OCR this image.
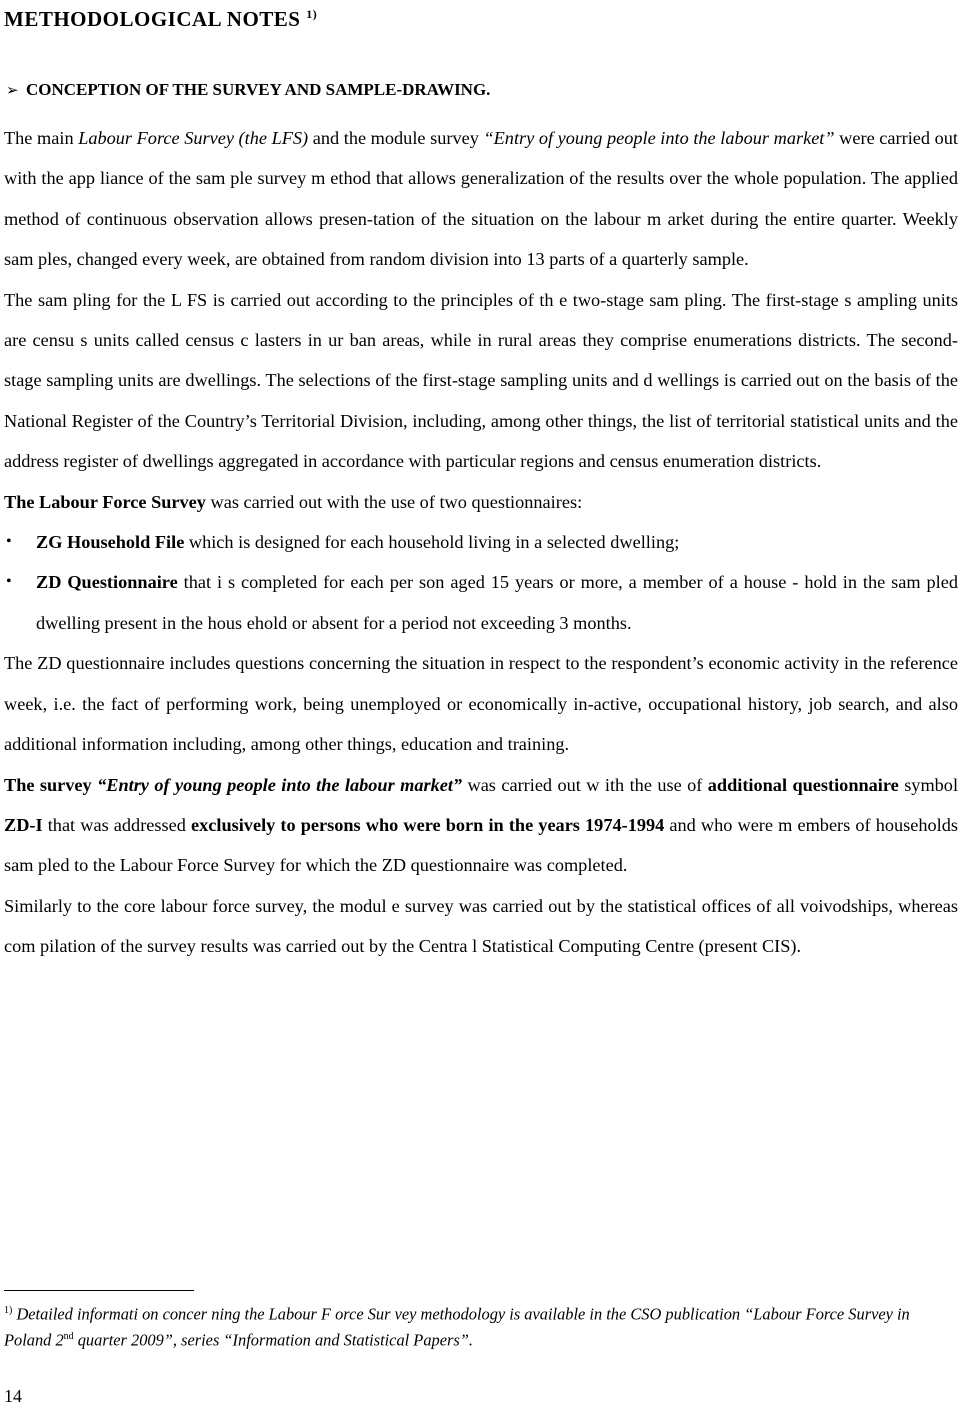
METHODOLOGICAL NOTES $^{1)}$
➢ CONCEPTION OF THE SURVEY AND SAMPLE-DRAWING.

The main Labour Force Survey (the LFS) and the module survey “Entry of young people into the labour market” were carried out with the app liance of the sam ple survey m ethod that allows generalization of the results over the whole population. The applied method of continuous observation allows presen-tation of the situation on the labour m arket during the entire quarter. Weekly sam ples, changed every week, are obtained from random division into 13 parts of a quarterly sample.

The sam pling for the L FS is carried out according to the principles of th e two-stage sam pling. The first-stage s ampling units are censu s units called census c lasters in ur ban areas, while in rural areas they comprise enumerations districts. The second-stage sampling units are dwellings. The selections of the first-stage sampling units and d wellings is carried out on the basis of the National Register of the Country’s Territorial Division, including, among other things, the list of territorial statistical units and the address register of dwellings aggregated in accordance with particular regions and census enumeration districts.

The Labour Force Survey was carried out with the use of two questionnaires:

•	ZG Household File which is designed for each household living in a selected dwelling;
•	ZD Questionnaire that i s completed for each per son aged 15 years or more, a member of a house - hold in the sam pled dwelling present in the hous ehold or absent for a period not exceeding 3 months.

The ZD questionnaire includes questions concerning the situation in respect to the respondent’s economic activity in the reference week, i.e. the fact of performing work, being unemployed or economically in-active, occupational history, job search, and also additional information including, among other things, education and training.

The survey “Entry of young people into the labour market” was carried out w ith the use of additional questionnaire symbol ZD-I that was addressed exclusively to persons who were born in the years 1974-1994 and who were m embers of households sam pled to the Labour Force Survey for which the ZD questionnaire was completed.

Similarly to the core labour force survey, the modul e survey was carried out by the statistical offices of all voivodships, whereas com pilation of the survey results was carried out by the Centra l Statistical Computing Centre (present CIS).

$^{1)}$ Detailed informati on concer ning the Labour F orce Sur vey methodology is available in the CSO publication “Labour Force Survey in Poland 2nd quarter 2009”, series “Information and Statistical Papers”.
14
